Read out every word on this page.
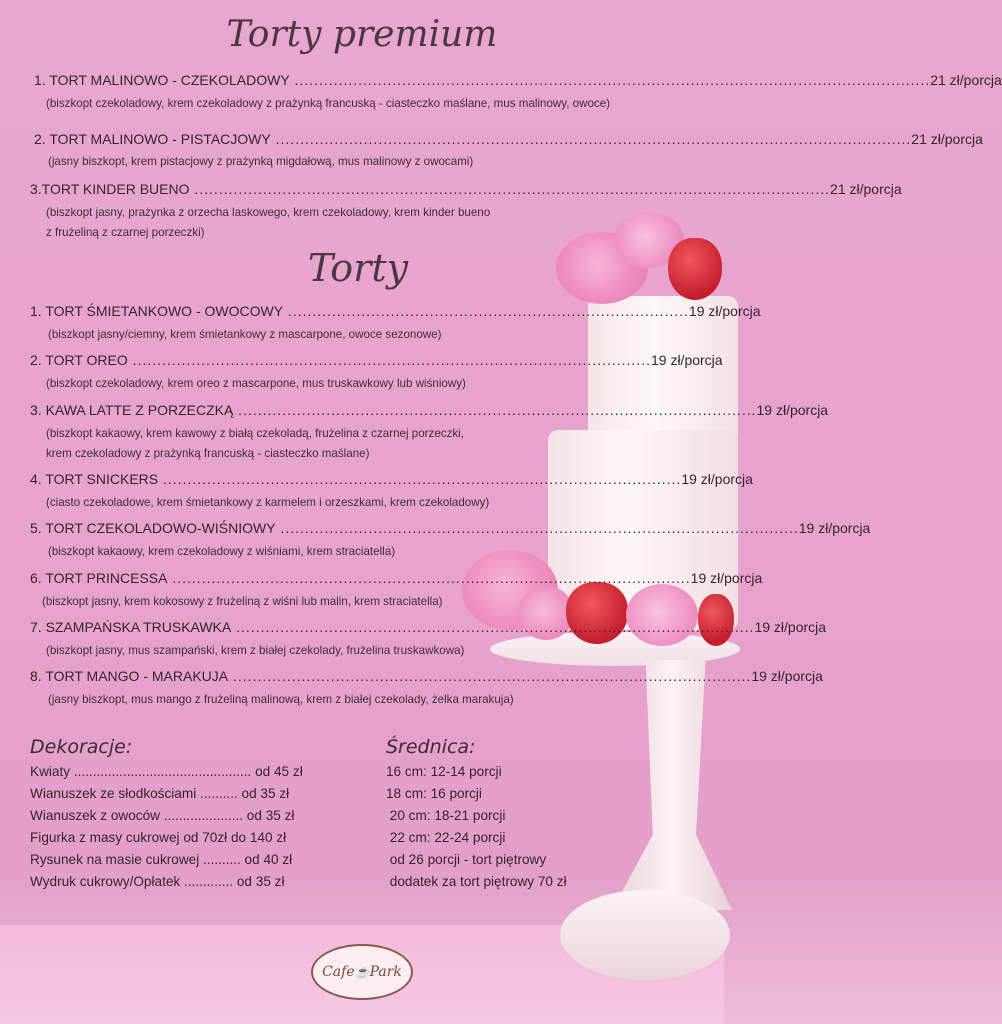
Torty premium
1. TORT MALINOWO - CZEKOLADOWY .................................................................................................................................. 21 zł/porcja
(biszkopt czekoladowy, krem czekoladowy z prażynką francuską - ciasteczko maślane, mus malinowy, owoce)
2. TORT MALINOWO - PISTACJOWY .................................................................................................................................. 21 zł/porcja
(jasny biszkopt, krem pistacjowy z prażynką migdałową, mus malinowy z owocami)
3.TORT KINDER BUENO .................................................................................................................................. 21 zł/porcja
(biszkopt jasny, prażynka z orzecha laskowego, krem czekoladowy, krem kinder bueno
z frużeliną z czarnej porzeczki)
Torty
1. TORT ŚMIETANKOWO - OWOCOWY .................................................................................. 19 zł/porcja
(biszkopt jasny/ciemny, krem śmietankowy z mascarpone, owoce sezonowe)
2. TORT OREO .......................................................................................................... 19 zł/porcja
(biszkopt czekoladowy, krem oreo z mascarpone, mus truskawkowy lub wiśniowy)
3. KAWA LATTE Z PORZECZKĄ .......................................................................................................... 19 zł/porcja
(biszkopt kakaowy, krem kawowy z białą czekoladą, frużelina z czarnej porzeczki,
krem czekoladowy z prażynką francuską - ciasteczko maślane)
4. TORT SNICKERS .......................................................................................................... 19 zł/porcja
(ciasto czekoladowe, krem śmietankowy z karmelem i orzeszkami, krem czekoladowy)
5. TORT CZEKOLADOWO-WIŚNIOWY .......................................................................................................... 19 zł/porcja
(biszkopt kakaowy, krem czekoladowy z wiśniami, krem straciatella)
6. TORT PRINCESSA .......................................................................................................... 19 zł/porcja
(biszkopt jasny, krem kokosowy z frużeliną z wiśni lub malin, krem straciatella)
7. SZAMPAŃSKA TRUSKAWKA .......................................................................................................... 19 zł/porcja
(biszkopt jasny, mus szampański, krem z białej czekolady, frużelina truskawkowa)
8. TORT MANGO - MARAKUJA .......................................................................................................... 19 zł/porcja
(jasny biszkopt, mus mango z frużeliną malinową, krem z białej czekolady, żelka marakuja)
Dekoracje:
Kwiaty ............................................... od 45 zł
Wianuszek ze słodkościami .......... od 35 zł
Wianuszek z owoców ..................... od 35 zł
Figurka z masy cukrowej od 70zł do 140 zł
Rysunek na masie cukrowej .......... od 40 zł
Wydruk cukrowy/Opłatek ............. od 35 zł
Średnica:
16 cm: 12-14 porcji
18 cm: 16 porcji
20 cm: 18-21 porcji
22 cm: 22-24 porcji
od 26 porcji - tort piętrowy
dodatek za tort piętrowy 70 zł
Cafe☕Park
